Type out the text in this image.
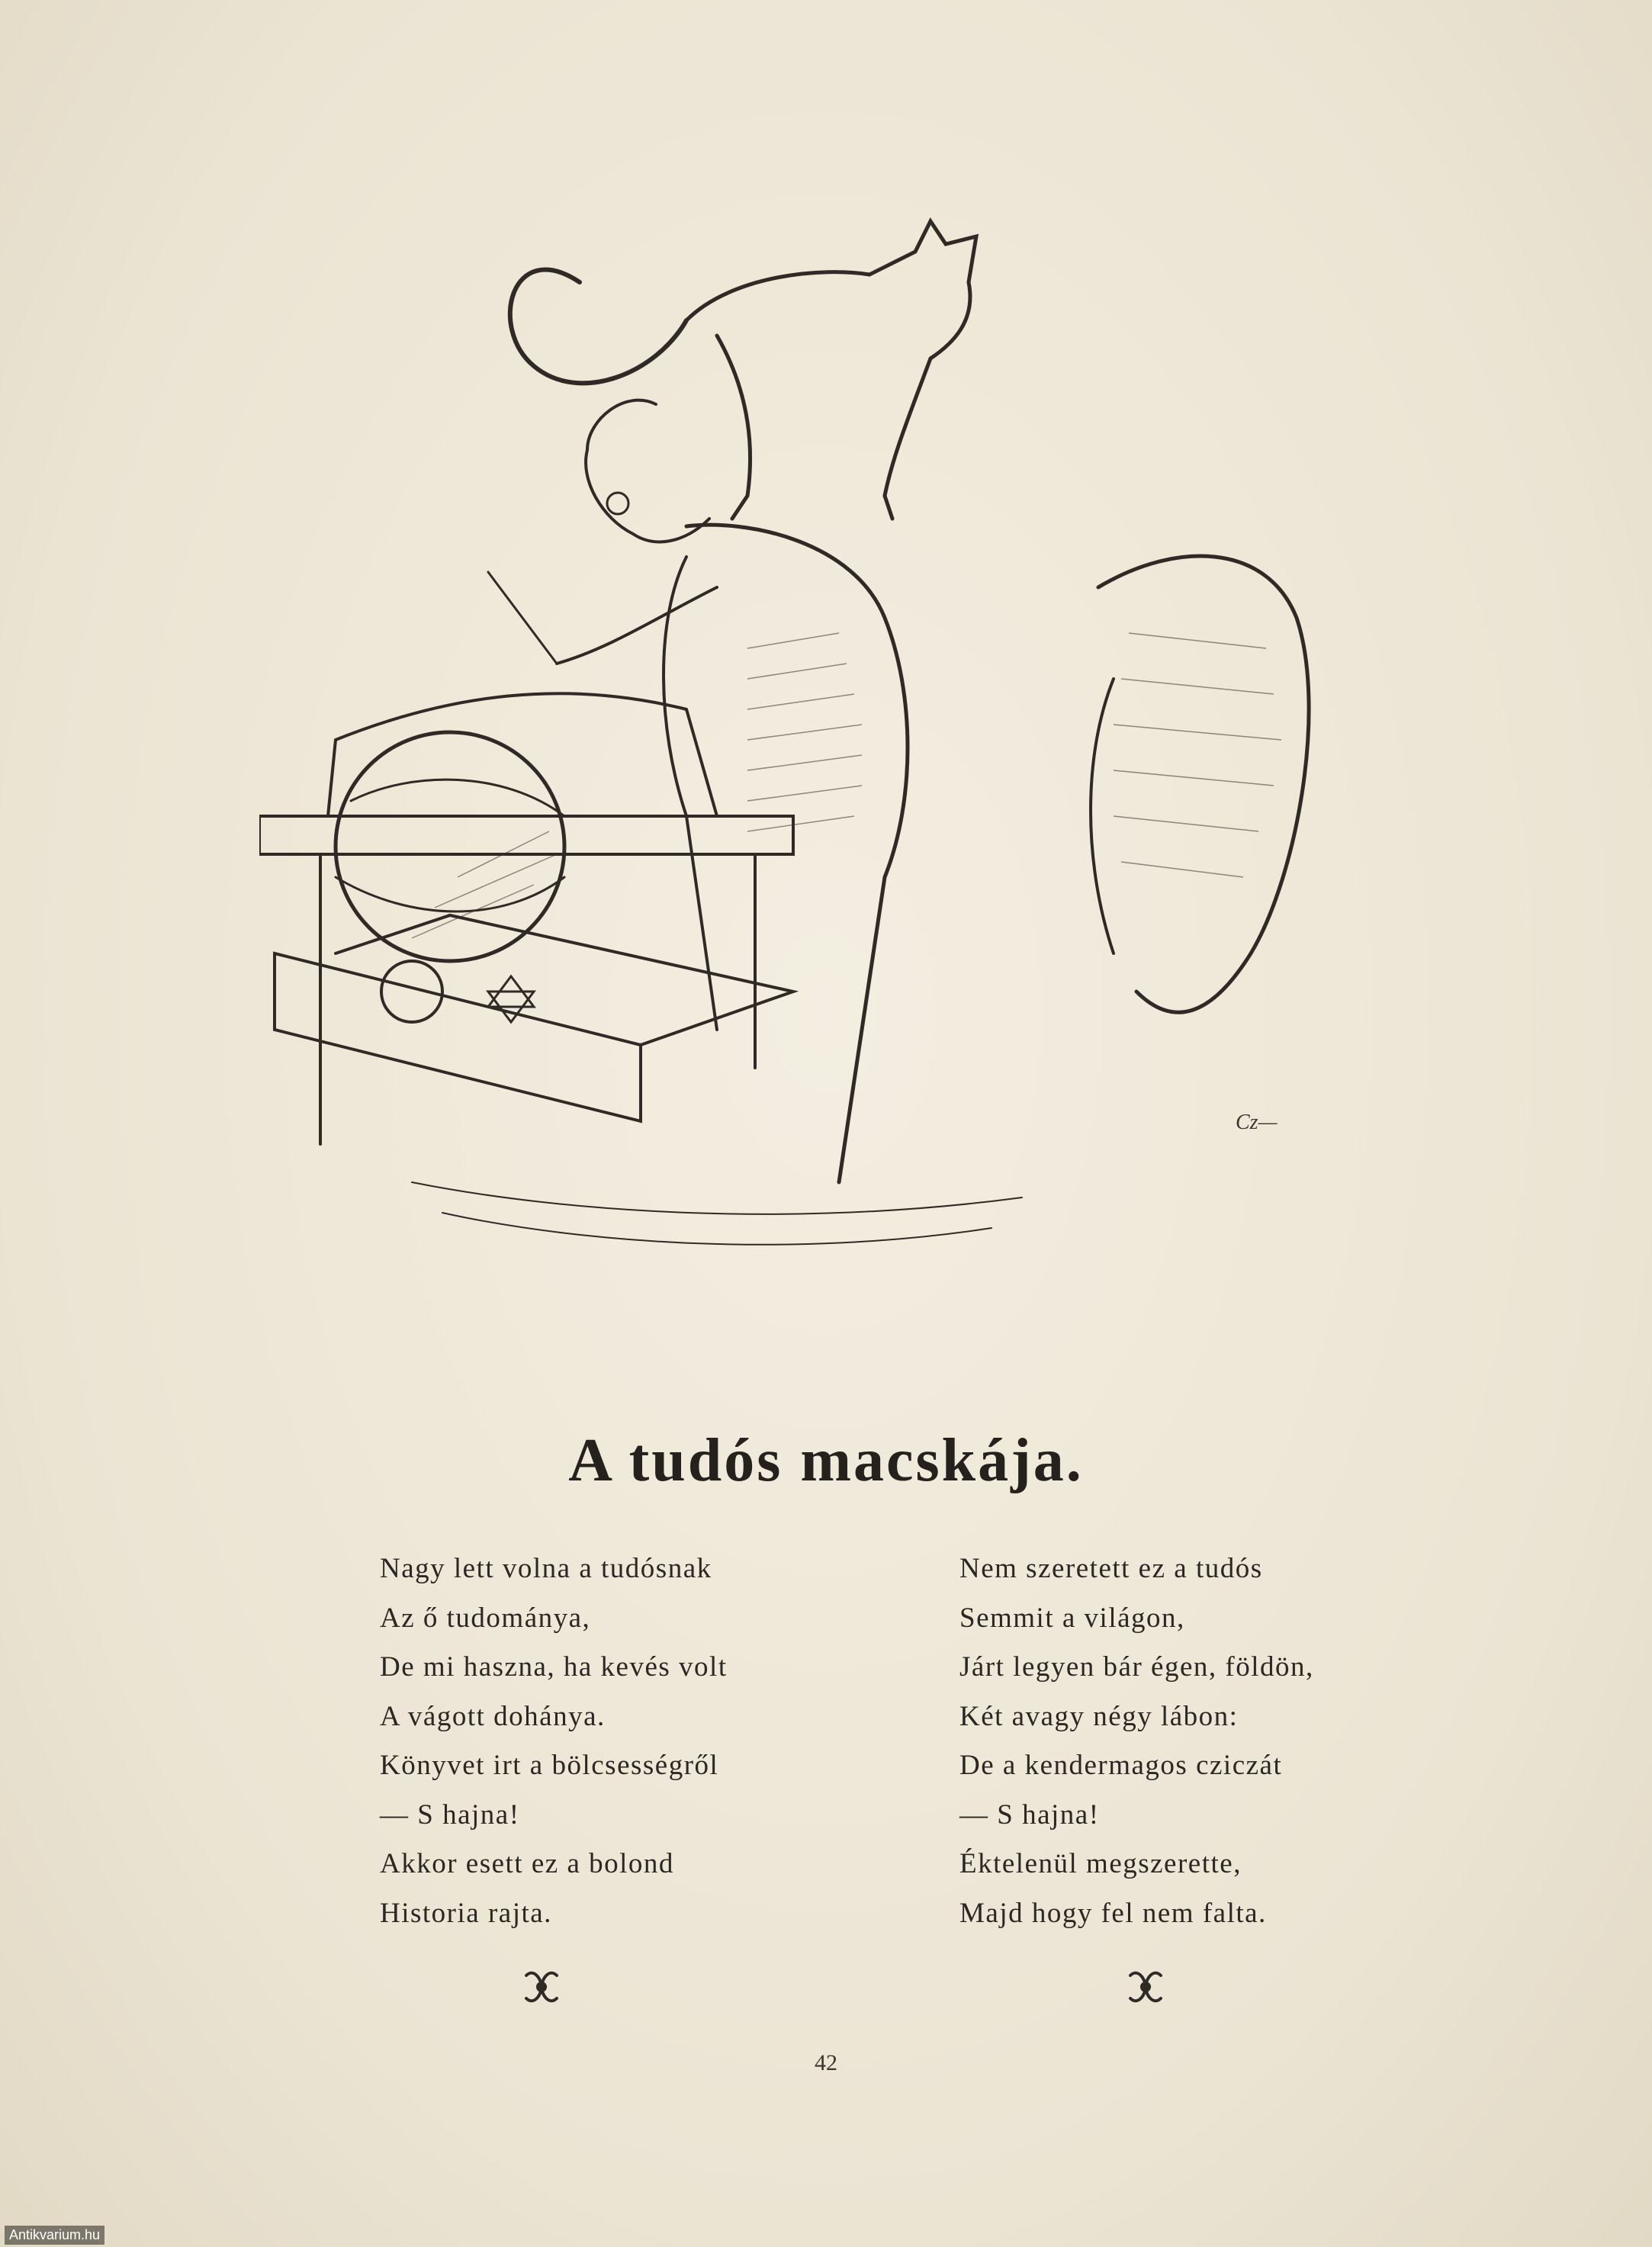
Cz—
A tudós macskája.
Nagy lett volna a tudósnak
Az ő tudománya,
De mi haszna, ha kevés volt
A vágott dohánya.
Könyvet irt a bölcsességről
— S hajna!
Akkor esett ez a bolond
Historia rajta.
Nem szeretett ez a tudós
Semmit a világon,
Járt legyen bár égen, földön,
Két avagy négy lábon:
De a kendermagos cziczát
— S hajna!
Éktelenül megszerette,
Majd hogy fel nem falta.
42
Antikvarium.hu
